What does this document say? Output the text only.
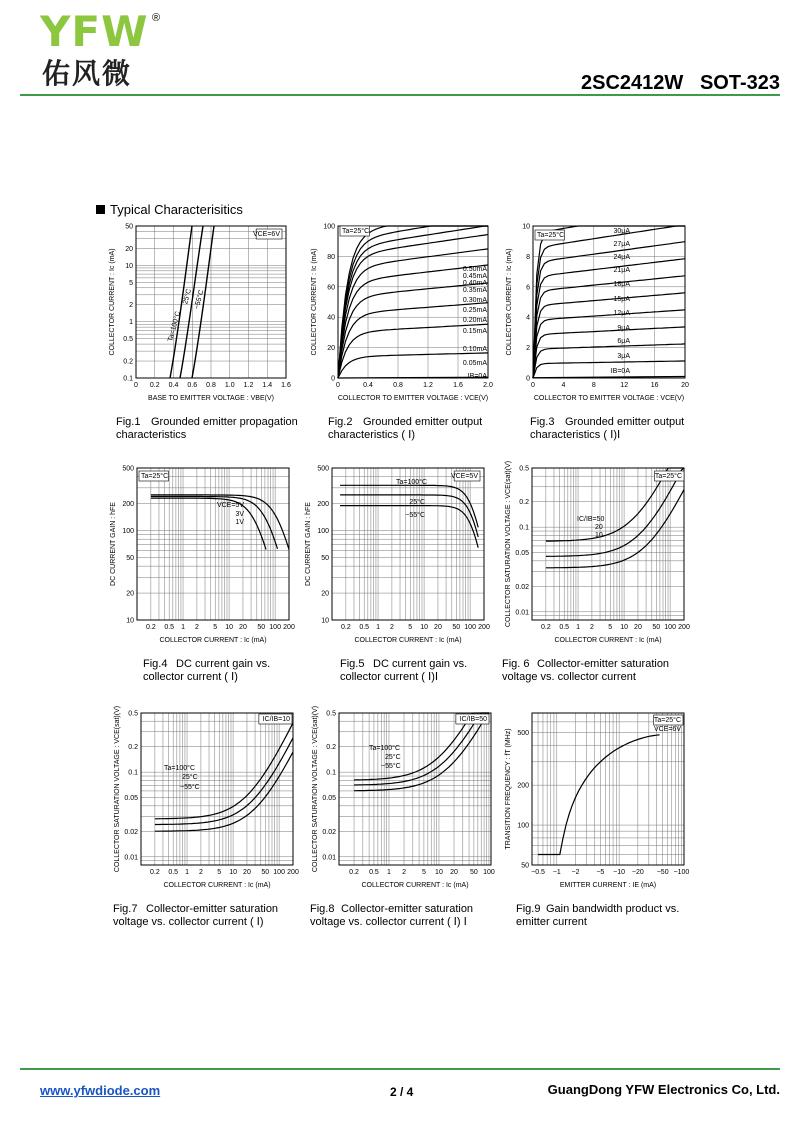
YFW ®
佑风微	2SC2412W   SOT-323
Typical Characterisitics
0 0.2 0.4 0.6 0.8 1.0 1.2 1.4 1.6
50
20
10
5
2
1
0.5
0.2
0.1
BASE TO EMITTER VOLTAGE : VBE(V)
COLLECTOR CURRENT : Ic (mA)
VCE=6V
Ta=100°C
25°C −55°C
0	0.4	0.8	1.2	1.6	2.0
100
80
60
40
20
0
COLLECTOR TO EMITTER VOLTAGE : VCE(V)
COLLECTOR CURRENT : Ic (mA)
Ta=25°C
0.50mA
0.45mA
0.40mA
0.35mA
0.30mA
0.25mA
0.20mA
0.15mA
0.10mA
0.05mA
IB=0A
0	4	8	12	16	20
10
8
6
4
2
0
COLLECTOR TO EMITTER VOLTAGE : VCE(V)
COLLECTOR CURRENT : Ic (mA)
Ta=25°C
30μA
27μA
24μA
21μA
18μA
15μA
12μA
9μA
6μA
3μA
IB=0A
0.2 0.5 1 2 5 10 20 50 100 200
500
200
100
50
20
10
COLLECTOR CURRENT : Ic (mA)
DC CURRENT GAIN : hFE
Ta=25°C
VCE=5V
3V
1V
0.2 0.5 1 2 5 10 20 50 100 200
500
200
100
50
20
10
COLLECTOR CURRENT : Ic (mA)
DC CURRENT GAIN : hFE
VCE=5V
Ta=100°C
25°C
−55°C
0.2 0.5 1 2 5 10 20 50 100 200
0.5
0.2
0.1
0.05
0.02
0.01
COLLECTOR CURRENT : Ic (mA)
COLLECTOR SATURATION VOLTAGE : VCE(sat)(V)	Ta=25°C
IC/IB=50
20
10
0.2 0.5 1 2 5 10 20 50 100 200
0.5
0.2
0.1
0.05
0.02
0.01
COLLECTOR CURRENT : Ic (mA)
COLLECTOR SATURATION VOLTAGE : VCE(sat)(V)	IC/IB=10
Ta=100°C
25°C
−55°C
0.2 0.5 1 2 5 10 20 50 100
0.5
0.2
0.1
0.05
0.02
0.01
COLLECTOR CURRENT : Ic (mA)
COLLECTOR SATURATION VOLTAGE : VCE(sat)(V)	IC/IB=50
Ta=100°C
25°C
−55°C
−0.5 −1 −2 −5 −10 −20 −50 −100
500
200
100
50
EMITTER CURRENT : IE (mA)
TRANSITION FREQUENCY : fT (MHz)
Ta=25°C
VCE=6V
Fig.1 Grounded emitter propagation characteristics
Fig.2 Grounded emitter output characteristics ( Ⅰ)
Fig.3 Grounded emitter output characteristics ( Ⅰ)Ⅰ
Fig.4 DC current gain vs. collector current ( Ⅰ)
Fig.5 DC current gain vs. collector current ( Ⅰ)Ⅰ
Fig. 6 Collector-emitter saturation voltage vs. collector current
Fig.7 Collector-emitter saturation voltage vs. collector current ( Ⅰ)
Fig.8 Collector-emitter saturation voltage vs. collector current ( Ⅰ) Ⅰ
Fig.9 Gain bandwidth product vs. emitter current
www.yfwdiode.com	2 / 4	GuangDong YFW Electronics Co, Ltd.
